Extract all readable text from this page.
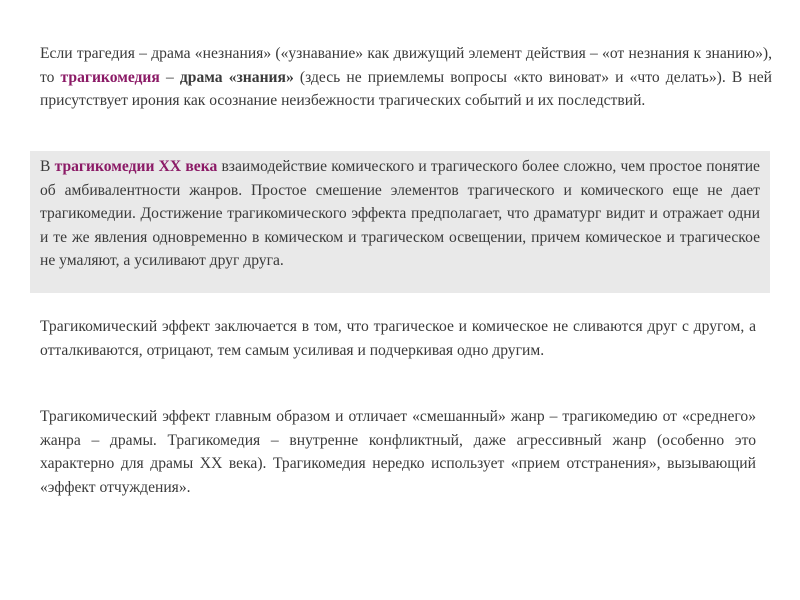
Если трагедия – драма «незнания» («узнавание» как движущий элемент действия – «от незнания к знанию»), то трагикомедия – драма «знания» (здесь не приемлемы вопросы «кто виноват» и «что делать»). В ней присутствует ирония как осознание неизбежности трагических событий и их последствий.

В трагикомедии XX века взаимодействие комического и трагического более сложно, чем простое понятие об амбивалентности жанров. Простое смешение элементов трагического и комического еще не дает трагикомедии. Достижение трагикомического эффекта предполагает, что драматург видит и отражает одни и те же явления одновременно в комическом и трагическом освещении, причем комическое и трагическое не умаляют, а усиливают друг друга.

Трагикомический эффект заключается в том, что трагическое и комическое не сливаются друг с другом, а отталкиваются, отрицают, тем самым усиливая и подчеркивая одно другим.

Трагикомический эффект главным образом и отличает «смешанный» жанр – трагикомедию от «среднего» жанра – драмы. Трагикомедия – внутренне конфликтный, даже агрессивный жанр (особенно это характерно для драмы XX века). Трагикомедия нередко использует «прием отстранения», вызывающий «эффект отчуждения».
